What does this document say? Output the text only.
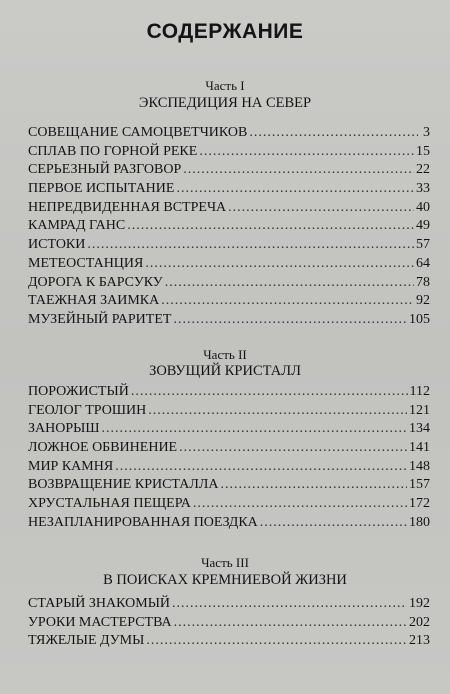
СОДЕРЖАНИЕ
Часть I
ЭКСПЕДИЦИЯ НА СЕВЕР
СОВЕЩАНИЕ САМОЦВЕТЧИКОВ .....	3
СПЛАВ ПО ГОРНОЙ РЕКЕ .....	15
СЕРЬЕЗНЫЙ РАЗГОВОР .....	22
ПЕРВОЕ ИСПЫТАНИЕ .....	33
НЕПРЕДВИДЕННАЯ ВСТРЕЧА .....	40
КАМРАД ГАНС .....	49
ИСТОКИ .....	57
МЕТЕОСТАНЦИЯ .....	64
ДОРОГА К БАРСУКУ .....	78
ТАЕЖНАЯ ЗАИМКА .....	92
МУЗЕЙНЫЙ РАРИТЕТ .....	105
Часть II
ЗОВУЩИЙ КРИСТАЛЛ
ПОРОЖИСТЫЙ .....	112
ГЕОЛОГ ТРОШИН .....	121
ЗАНОРЫШ .....	134
ЛОЖНОЕ ОБВИНЕНИЕ .....	141
МИР КАМНЯ .....	148
ВОЗВРАЩЕНИЕ КРИСТАЛЛА .....	157
ХРУСТАЛЬНАЯ ПЕЩЕРА .....	172
НЕЗАПЛАНИРОВАННАЯ ПОЕЗДКА .....	180
Часть III
В ПОИСКАХ КРЕМНИЕВОЙ ЖИЗНИ
СТАРЫЙ ЗНАКОМЫЙ .....	192
УРОКИ МАСТЕРСТВА .....	202
ТЯЖЕЛЫЕ ДУМЫ .....	213
